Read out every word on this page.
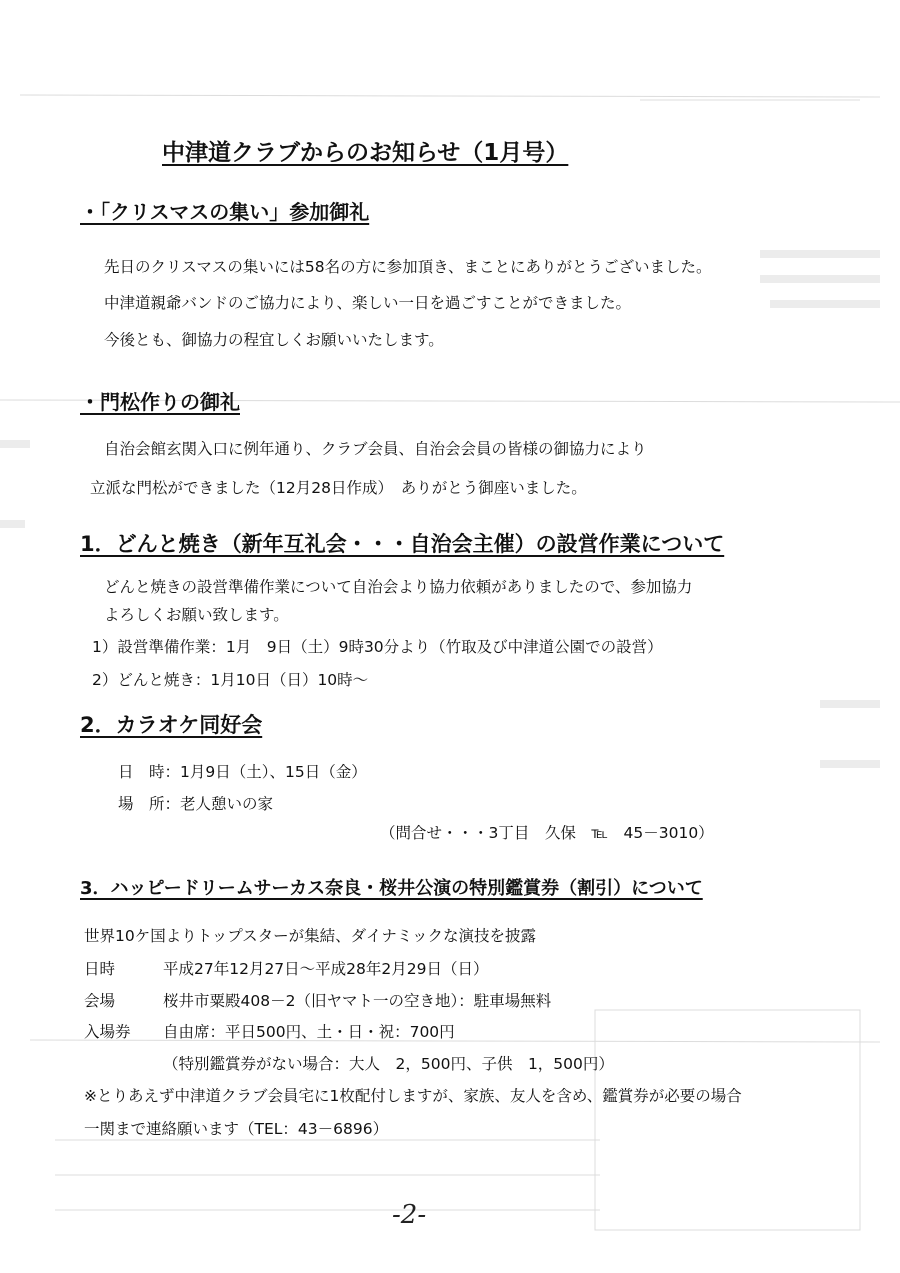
中津道クラブからのお知らせ（1月号）
・「クリスマスの集い」参加御礼

先日のクリスマスの集いには58名の方に参加頂き、まことにありがとうございました。

中津道親爺バンドのご協力により、楽しい一日を過ごすことができました。

今後とも、御協力の程宜しくお願いいたします。

・門松作りの御礼

自治会館玄関入口に例年通り、クラブ会員、自治会会員の皆様の御協力により

立派な門松ができました（12月28日作成）　ありがとう御座いました。

1．どんと焼き（新年互礼会・・・自治会主催）の設営作業について

どんと焼きの設営準備作業について自治会より協力依頼がありましたので、参加協力

よろしくお願い致します。

1）設営準備作業：1月　9日（土）9時30分より（竹取及び中津道公園での設営）

2）どんと焼き：1月10日（日）10時～

2．カラオケ同好会

日　時：1月9日（土）、15日（金）

場　所：老人憩いの家

（問合せ・・・3丁目　久保　℡　45－3010）

3．ハッピードリームサーカス奈良・桜井公演の特別鑑賞券（割引）について

世界10ケ国よりトップスターが集結、ダイナミックな演技を披露

日時	平成27年12月27日～平成28年2月29日（日）

会場	桜井市粟殿408－2（旧ヤマト一の空き地）：駐車場無料

入場券 自由席：平日500円、土・日・祝：700円

（特別鑑賞券がない場合：大人　2，500円、子供　1，500円）

※とりあえず中津道クラブ会員宅に1枚配付しますが、家族、友人を含め、鑑賞券が必要の場合

一関まで連絡願います（TEL：43－6896）

-2-
